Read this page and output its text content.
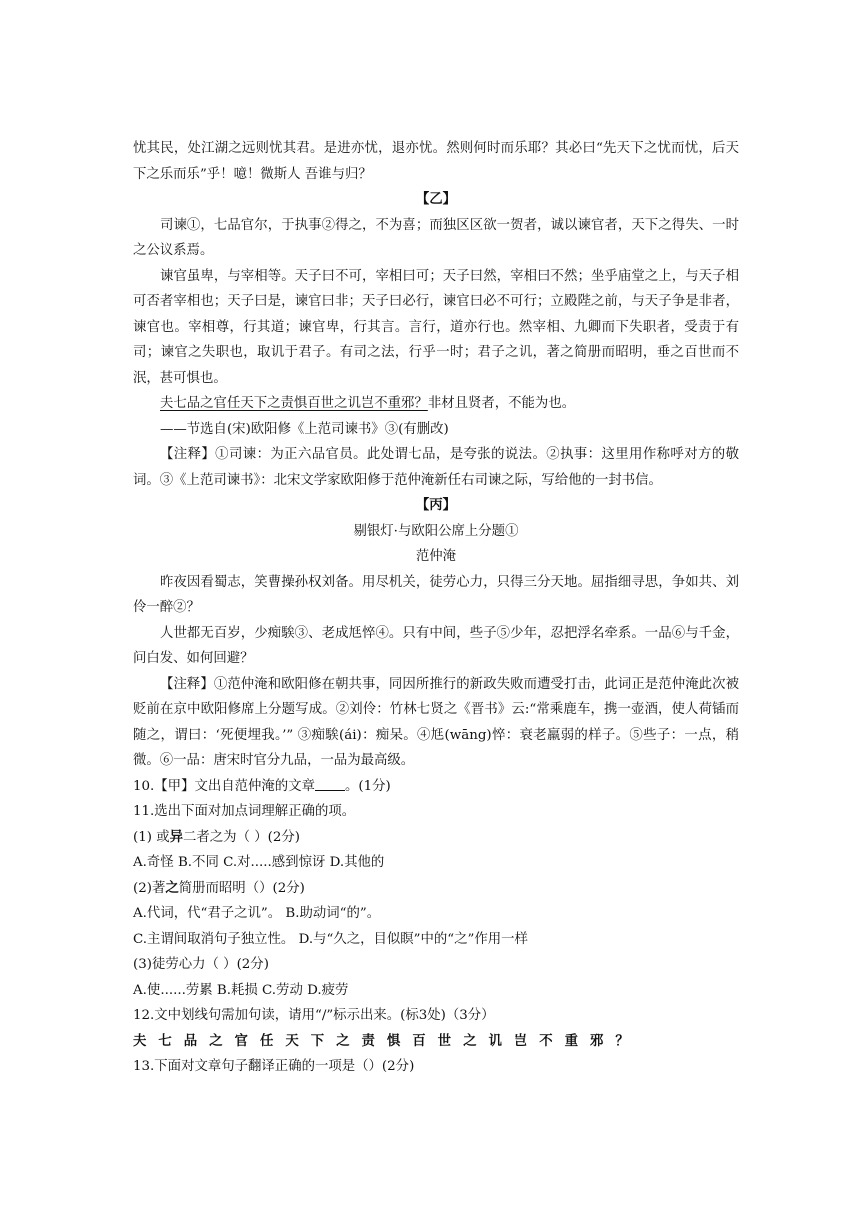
忧其民，处江湖之远则忧其君。是进亦忧，退亦忧。然则何时而乐耶？其必曰“先天下之忧而忧，后天下之乐而乐”乎！噫！微斯人 吾谁与归？

【乙】

司谏①，七品官尔，于执事②得之，不为喜；而独区区欲一贺者，诚以谏官者，天下之得失、一时之公议系焉。

谏官虽卑，与宰相等。天子曰不可，宰相曰可；天子曰然，宰相曰不然；坐乎庙堂之上，与天子相可否者宰相也；天子曰是，谏官曰非；天子曰必行，谏官曰必不可行；立殿陛之前，与天子争是非者，谏官也。宰相尊，行其道；谏官卑，行其言。言行，道亦行也。然宰相、九卿而下失职者，受责于有司；谏官之失职也，取讥于君子。有司之法，行乎一时；君子之讥，著之简册而昭明，垂之百世而不泯，甚可惧也。

夫七品之官任天下之责惧百世之讥岂不重邪？非材且贤者，不能为也。

——节选自(宋)欧阳修《上范司谏书》③(有删改)

【注释】①司谏：为正六品官员。此处谓七品，是夸张的说法。②执事：这里用作称呼对方的敬词。③《上范司谏书》：北宋文学家欧阳修于范仲淹新任右司谏之际，写给他的一封书信。

【丙】

剔银灯·与欧阳公席上分题①

范仲淹

昨夜因看蜀志，笑曹操孙权刘备。用尽机关，徒劳心力，只得三分天地。屈指细寻思，争如共、刘伶一醉②？

人世都无百岁，少痴騃③、老成尪悴④。只有中间，些子⑤少年，忍把浮名牵系。一品⑥与千金，问白发、如何回避？

【注释】①范仲淹和欧阳修在朝共事，同因所推行的新政失败而遭受打击，此词正是范仲淹此次被贬前在京中欧阳修席上分题写成。②刘伶：竹林七贤之《晋书》云:“常乘鹿车，携一壶酒，使人荷锸而随之，谓曰：‘死便埋我。’” ③痴騃(ái)：痴呆。④尪(wāng)悴：衰老羸弱的样子。⑤些子：一点，稍微。⑥一品：唐宋时官分九品，一品为最高级。

10.【甲】文出自范仲淹的文章 。(1分)

11.选出下面对加点词理解正确的项。

(1) 或异二者之为（ ）(2分)

A.奇怪 B.不同 C.对.....感到惊讶 D.其他的

(2)著之简册而昭明（）(2分)

A.代词，代“君子之讥”。 B.助动词“的”。

C.主谓间取消句子独立性。 D.与“久之，目似瞑”中的“之”作用一样

(3)徒劳心力（ ）(2分)

A.使......劳累 B.耗损 C.劳动 D.疲劳

12.文中划线句需加句读，请用“/”标示出来。(标3处)（3分）

夫七品之官任天下之责惧百世之讥岂不重邪？

13.下面对文章句子翻译正确的一项是（）(2分)
